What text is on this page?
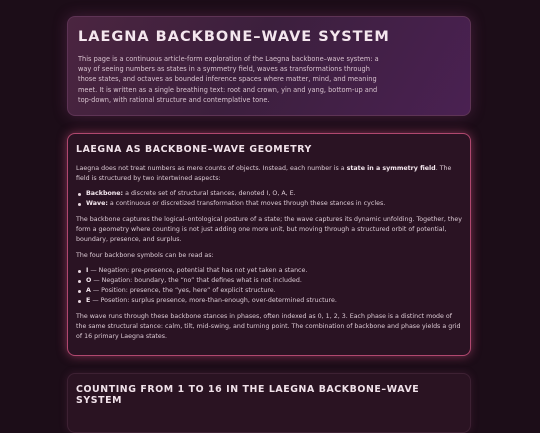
LAEGNA BACKBONE–WAVE SYSTEM

This page is a continuous article-form exploration of the Laegna backbone–wave system: a way of seeing numbers as states in a symmetry field, waves as transformations through those states, and octaves as bounded inference spaces where matter, mind, and meaning meet. It is written as a single breathing text: root and crown, yin and yang, bottom-up and top-down, with rational structure and contemplative tone.

LAEGNA AS BACKBONE–WAVE GEOMETRY

Laegna does not treat numbers as mere counts of objects. Instead, each number is a state in a symmetry field. The field is structured by two intertwined aspects:

Backbone: a discrete set of structural stances, denoted I, O, A, E.
Wave: a continuous or discretized transformation that moves through these stances in cycles.

The backbone captures the logical–ontological posture of a state; the wave captures its dynamic unfolding. Together, they form a geometry where counting is not just adding one more unit, but moving through a structured orbit of potential, boundary, presence, and surplus.

The four backbone symbols can be read as:

I — Negation: pre-presence, potential that has not yet taken a stance.
O — Negation: boundary, the “no” that defines what is not included.
A — Position: presence, the “yes, here” of explicit structure.
E — Posetion: surplus presence, more-than-enough, over-determined structure.

The wave runs through these backbone stances in phases, often indexed as 0, 1, 2, 3. Each phase is a distinct mode of the same structural stance: calm, tilt, mid-swing, and turning point. The combination of backbone and phase yields a grid of 16 primary Laegna states.

COUNTING FROM 1 TO 16 IN THE LAEGNA BACKBONE–WAVE SYSTEM
